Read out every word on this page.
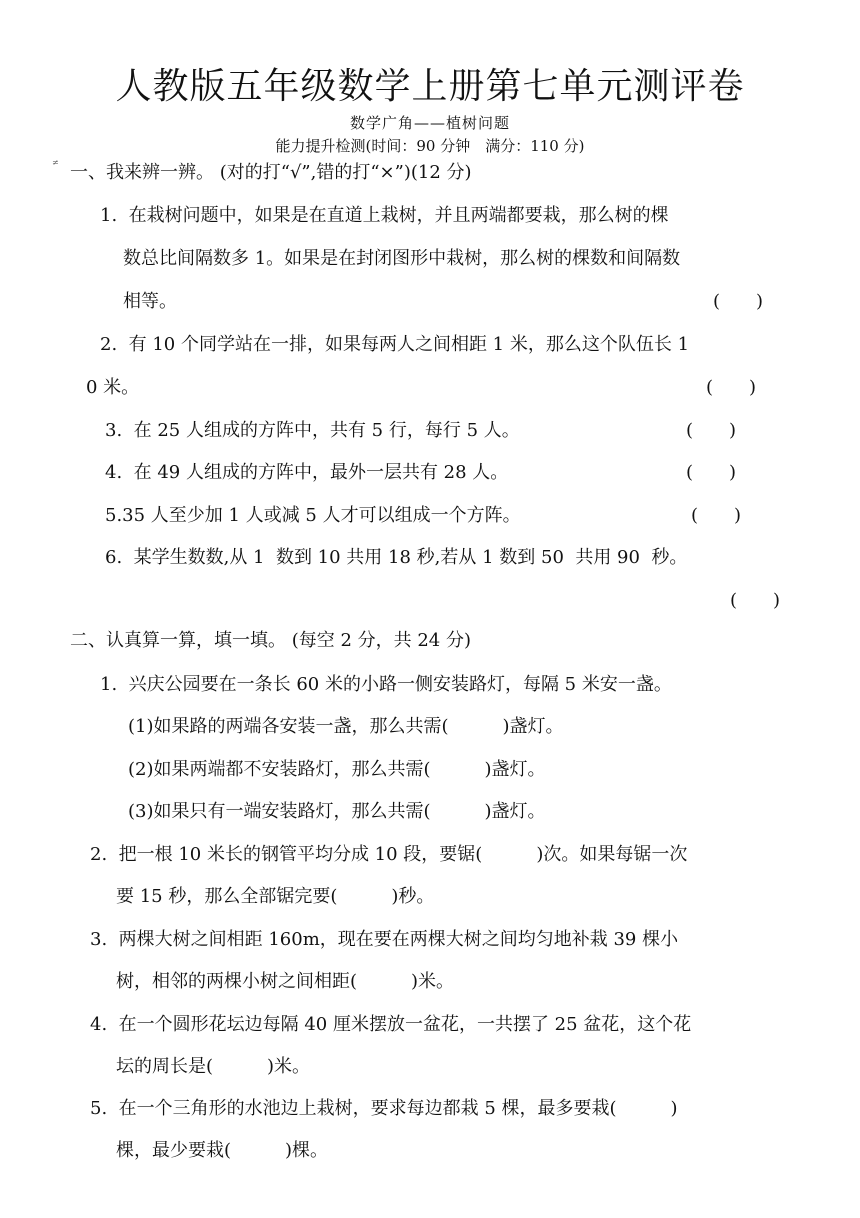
人教版五年级数学上册第七单元测评卷
数学广角——植树问题
能力提升检测(时间：90 分钟　满分：110 分)
≠ 一、我来辨一辨。 (对的打“√”,错的打“×”)(12 分)
1.  在栽树问题中，如果是在直道上栽树，并且两端都要栽，那么树的棵
数总比间隔数多 1。如果是在封闭图形中栽树，那么树的棵数和间隔数
相等。	(　　)
2.  有 10 个同学站在一排，如果每两人之间相距 1 米，那么这个队伍长 1
0 米。	(　　)
3.  在 25 人组成的方阵中，共有 5 行，每行 5 人。	(　　)
4.  在 49 人组成的方阵中，最外一层共有 28 人。	(　　)
5.35 人至少加 1 人或减 5 人才可以组成一个方阵。	(　　)
6.  某学生数数,从 1  数到 10 共用 18 秒,若从 1 数到 50  共用 90  秒。
(　　)
二、认真算一算，填一填。 (每空 2 分，共 24 分)
1.  兴庆公园要在一条长 60 米的小路一侧安装路灯，每隔 5 米安一盏。
(1)如果路的两端各安装一盏，那么共需(　　　)盏灯。
(2)如果两端都不安装路灯，那么共需(　　　)盏灯。
(3)如果只有一端安装路灯，那么共需(　　　)盏灯。
2.  把一根 10 米长的钢管平均分成 10 段，要锯(　　　)次。如果每锯一次
要 15 秒，那么全部锯完要(　　　)秒。
3.  两棵大树之间相距 160m，现在要在两棵大树之间均匀地补栽 39 棵小
树，相邻的两棵小树之间相距(　　　)米。
4.  在一个圆形花坛边每隔 40 厘米摆放一盆花，一共摆了 25 盆花，这个花
坛的周长是(　　　)米。
5.  在一个三角形的水池边上栽树，要求每边都栽 5 棵，最多要栽(　　　)
棵，最少要栽(　　　)棵。
